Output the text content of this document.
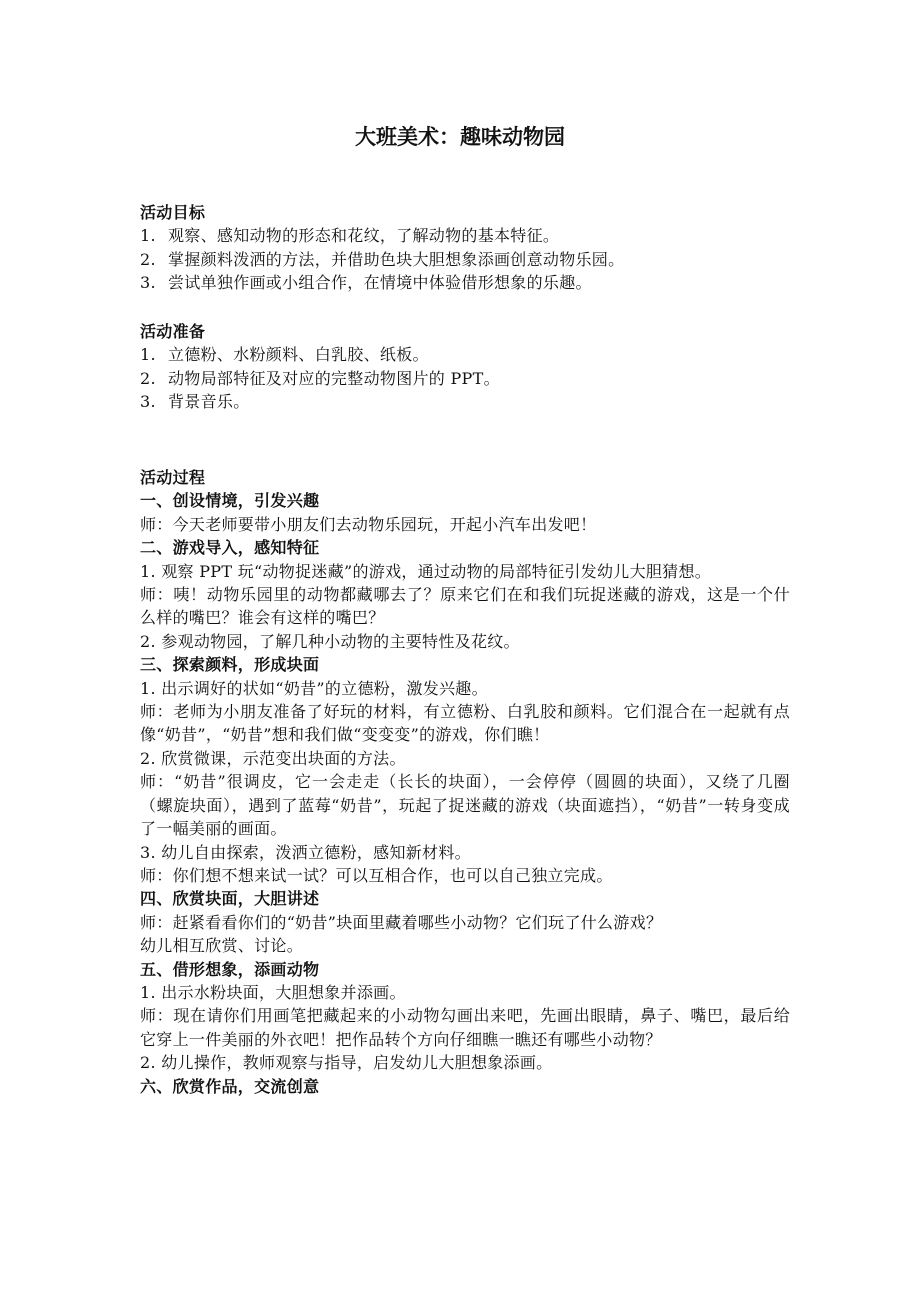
大班美术：趣味动物园
活动目标
1. 观察、感知动物的形态和花纹，了解动物的基本特征。
2. 掌握颜料泼洒的方法，并借助色块大胆想象添画创意动物乐园。
3. 尝试单独作画或小组合作，在情境中体验借形想象的乐趣。
活动准备
1. 立德粉、水粉颜料、白乳胶、纸板。
2. 动物局部特征及对应的完整动物图片的 PPT。
3. 背景音乐。
活动过程
一、创设情境，引发兴趣
师：今天老师要带小朋友们去动物乐园玩，开起小汽车出发吧！
二、游戏导入，感知特征
1. 观察 PPT 玩“动物捉迷藏”的游戏，通过动物的局部特征引发幼儿大胆猜想。
师：咦！动物乐园里的动物都藏哪去了？原来它们在和我们玩捉迷藏的游戏，这是一个什么样的嘴巴？谁会有这样的嘴巴？
2. 参观动物园，了解几种小动物的主要特性及花纹。
三、探索颜料，形成块面
1. 出示调好的状如“奶昔”的立德粉，激发兴趣。
师：老师为小朋友准备了好玩的材料，有立德粉、白乳胶和颜料。它们混合在一起就有点像“奶昔”，“奶昔”想和我们做“变变变”的游戏，你们瞧！
2. 欣赏微课，示范变出块面的方法。
师：“奶昔”很调皮，它一会走走（长长的块面），一会停停（圆圆的块面），又绕了几圈（螺旋块面），遇到了蓝莓“奶昔”，玩起了捉迷藏的游戏（块面遮挡），“奶昔”一转身变成了一幅美丽的画面。
3. 幼儿自由探索，泼洒立德粉，感知新材料。
师：你们想不想来试一试？可以互相合作，也可以自己独立完成。
四、欣赏块面，大胆讲述
师：赶紧看看你们的“奶昔”块面里藏着哪些小动物？它们玩了什么游戏？
幼儿相互欣赏、讨论。
五、借形想象，添画动物
1. 出示水粉块面，大胆想象并添画。
师：现在请你们用画笔把藏起来的小动物勾画出来吧，先画出眼睛，鼻子、嘴巴，最后给它穿上一件美丽的外衣吧！把作品转个方向仔细瞧一瞧还有哪些小动物？
2. 幼儿操作，教师观察与指导，启发幼儿大胆想象添画。
六、欣赏作品，交流创意
